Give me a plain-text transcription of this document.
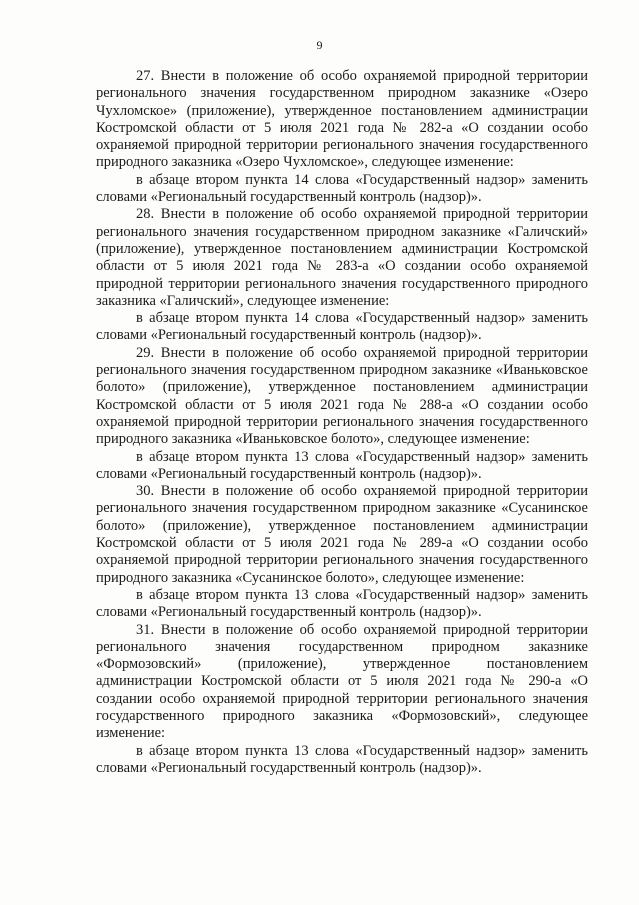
9

27. Внести в положение об особо охраняемой природной территории регионального значения государственном природном заказнике «Озеро Чухломское» (приложение), утвержденное постановлением администрации Костромской области от 5 июля 2021 года № 282-а «О создании особо охраняемой природной территории регионального значения государственного природного заказника «Озеро Чухломское», следующее изменение:

в абзаце втором пункта 14 слова «Государственный надзор» заменить словами «Региональный государственный контроль (надзор)».

28. Внести в положение об особо охраняемой природной территории регионального значения государственном природном заказнике «Галичский» (приложение), утвержденное постановлением администрации Костромской области от 5 июля 2021 года № 283-а «О создании особо охраняемой природной территории регионального значения государственного природного заказника «Галичский», следующее изменение:

в абзаце втором пункта 14 слова «Государственный надзор» заменить словами «Региональный государственный контроль (надзор)».

29. Внести в положение об особо охраняемой природной территории регионального значения государственном природном заказнике «Иваньковское болото» (приложение), утвержденное постановлением администрации Костромской области от 5 июля 2021 года № 288-а «О создании особо охраняемой природной территории регионального значения государственного природного заказника «Иваньковское болото», следующее изменение:

в абзаце втором пункта 13 слова «Государственный надзор» заменить словами «Региональный государственный контроль (надзор)».

30. Внести в положение об особо охраняемой природной территории регионального значения государственном природном заказнике «Сусанинское болото» (приложение), утвержденное постановлением администрации Костромской области от 5 июля 2021 года № 289-а «О создании особо охраняемой природной территории регионального значения государственного природного заказника «Сусанинское болото», следующее изменение:

в абзаце втором пункта 13 слова «Государственный надзор» заменить словами «Региональный государственный контроль (надзор)».

31. Внести в положение об особо охраняемой природной территории регионального значения государственном природном заказнике «Формозовский» (приложение), утвержденное постановлением администрации Костромской области от 5 июля 2021 года № 290-а «О создании особо охраняемой природной территории регионального значения государственного природного заказника «Формозовский», следующее изменение:

в абзаце втором пункта 13 слова «Государственный надзор» заменить словами «Региональный государственный контроль (надзор)».
